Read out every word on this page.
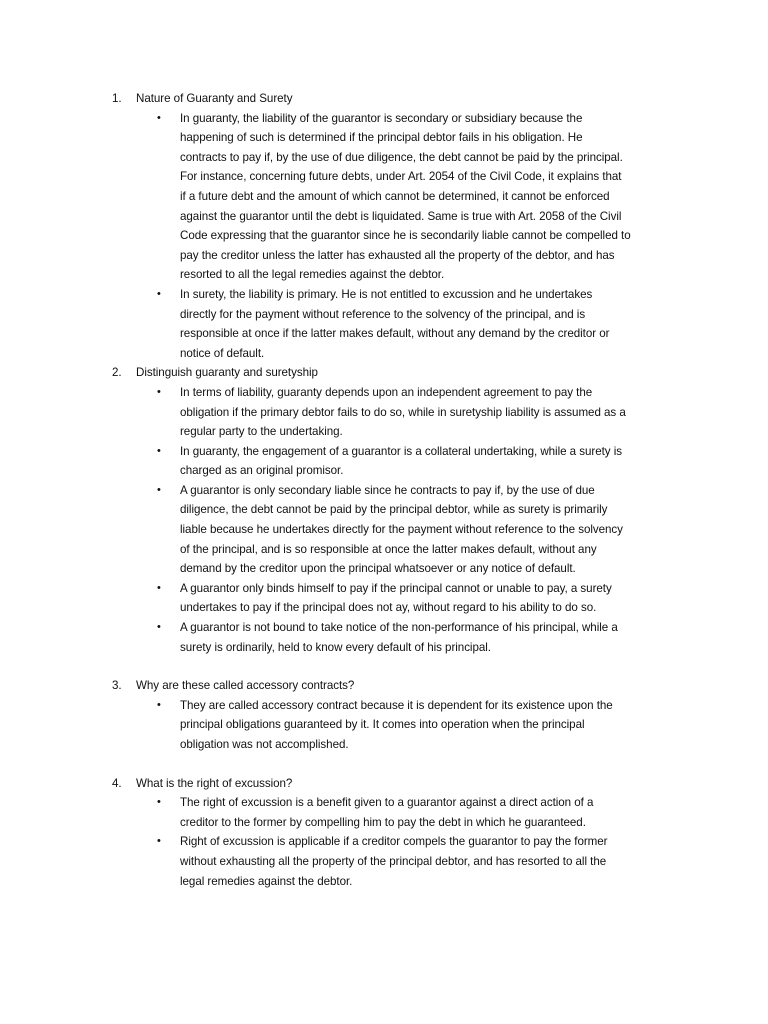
1.	Nature of Guaranty and Surety
• In guaranty, the liability of the guarantor is secondary or subsidiary because the
happening of such is determined if the principal debtor fails in his obligation. He
contracts to pay if, by the use of due diligence, the debt cannot be paid by the principal.
For instance, concerning future debts, under Art. 2054 of the Civil Code, it explains that
if a future debt and the amount of which cannot be determined, it cannot be enforced
against the guarantor until the debt is liquidated. Same is true with Art. 2058 of the Civil
Code expressing that the guarantor since he is secondarily liable cannot be compelled to
pay the creditor unless the latter has exhausted all the property of the debtor, and has
resorted to all the legal remedies against the debtor.
• In surety, the liability is primary. He is not entitled to excussion and he undertakes
directly for the payment without reference to the solvency of the principal, and is
responsible at once if the latter makes default, without any demand by the creditor or
notice of default.
2.	Distinguish guaranty and suretyship
• In terms of liability, guaranty depends upon an independent agreement to pay the
obligation if the primary debtor fails to do so, while in suretyship liability is assumed as a
regular party to the undertaking.
• In guaranty, the engagement of a guarantor is a collateral undertaking, while a surety is
charged as an original promisor.
• A guarantor is only secondary liable since he contracts to pay if, by the use of due
diligence, the debt cannot be paid by the principal debtor, while as surety is primarily
liable because he undertakes directly for the payment without reference to the solvency
of the principal, and is so responsible at once the latter makes default, without any
demand by the creditor upon the principal whatsoever or any notice of default.
• A guarantor only binds himself to pay if the principal cannot or unable to pay, a surety
undertakes to pay if the principal does not ay, without regard to his ability to do so.
• A guarantor is not bound to take notice of the non-performance of his principal, while a
surety is ordinarily, held to know every default of his principal.
3.	Why are these called accessory contracts?
• They are called accessory contract because it is dependent for its existence upon the
principal obligations guaranteed by it. It comes into operation when the principal
obligation was not accomplished.
4.	What is the right of excussion?
• The right of excussion is a benefit given to a guarantor against a direct action of a
creditor to the former by compelling him to pay the debt in which he guaranteed.
• Right of excussion is applicable if a creditor compels the guarantor to pay the former
without exhausting all the property of the principal debtor, and has resorted to all the
legal remedies against the debtor.
